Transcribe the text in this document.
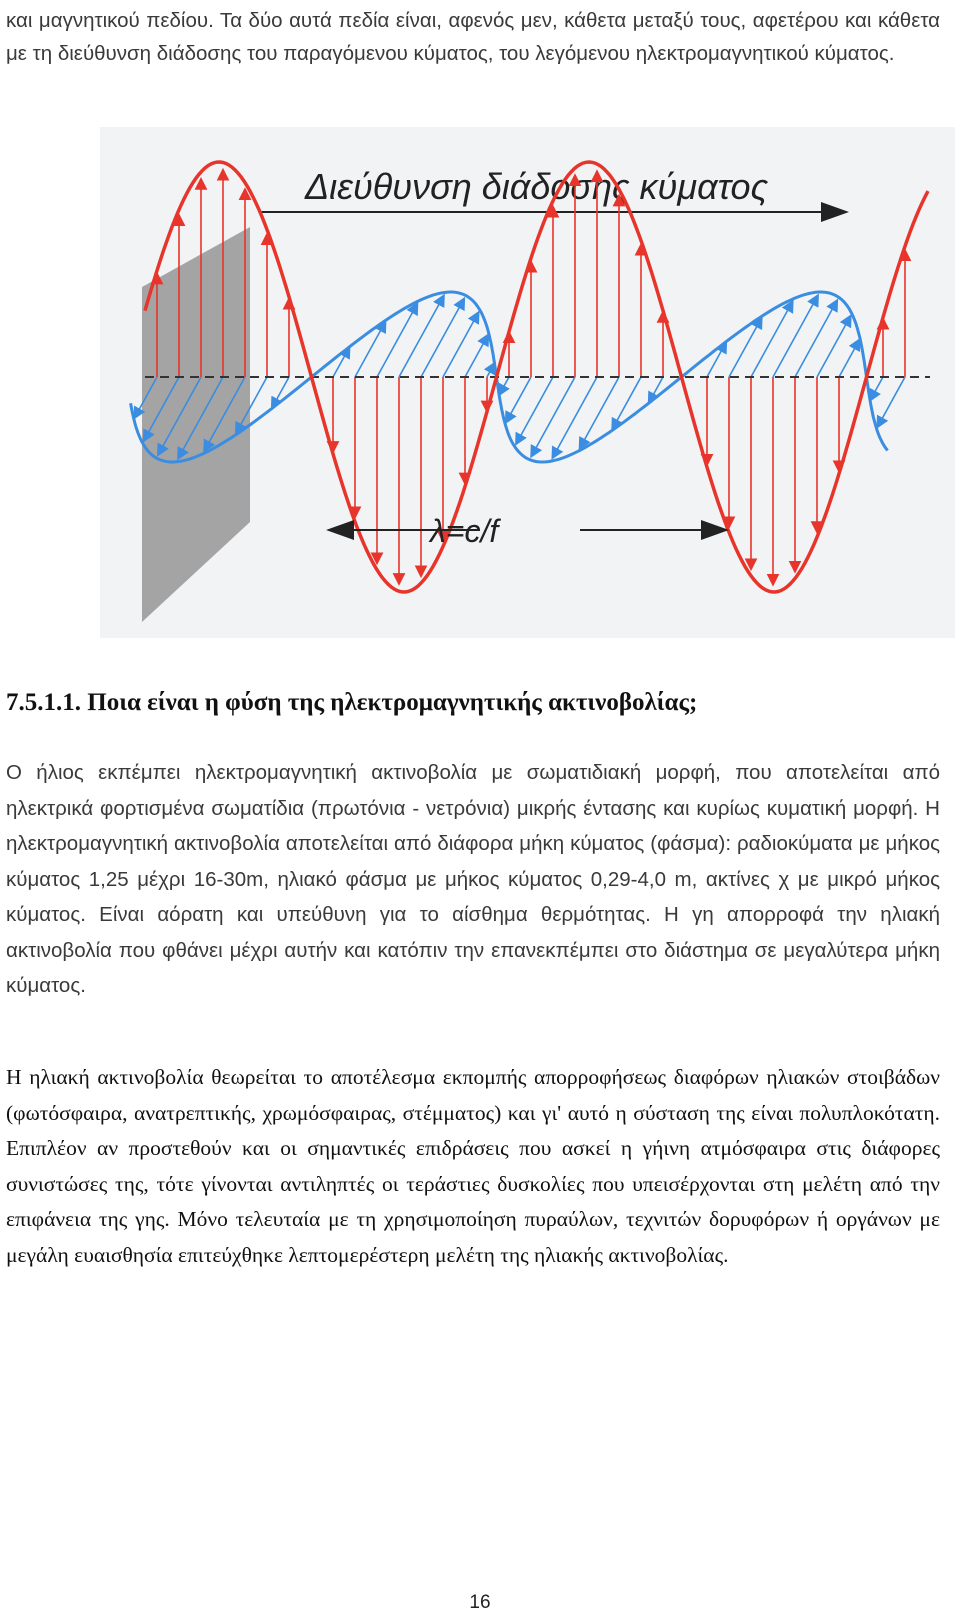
και μαγνητικού πεδίου. Τα δύο αυτά πεδία είναι, αφενός μεν, κάθετα μεταξύ τους, αφετέρου και κάθετα με τη διεύθυνση διάδοσης του παραγόμενου κύματος, του λεγόμενου ηλεκτρομαγνητικού κύματος.

Διεύθυνση διάδοσης κύματος
λ=c/f
7.5.1.1. Ποια είναι η φύση της ηλεκτρομαγνητικής ακτινοβολίας;

Ο ήλιος εκπέμπει ηλεκτρομαγνητική ακτινοβολία με σωματιδιακή μορφή, που αποτελείται από ηλεκτρικά φορτισμένα σωματίδια (πρωτόνια - νετρόνια) μικρής έντασης και κυρίως κυματική μορφή. Η ηλεκτρομαγνητική ακτινοβολία αποτελείται από διάφορα μήκη κύματος (φάσμα): ραδιοκύματα με μήκος κύματος 1,25 μέχρι 16-30m, ηλιακό φάσμα με μήκος κύματος 0,29-4,0 m, ακτίνες χ με μικρό μήκος κύματος. Είναι αόρατη και υπεύθυνη για το αίσθημα θερμότητας. Η γη απορροφά την ηλιακή ακτινοβολία που φθάνει μέχρι αυτήν και κατόπιν την επανεκπέμπει στο διάστημα σε μεγαλύτερα μήκη κύματος.

Η ηλιακή ακτινοβολία θεωρείται το αποτέλεσμα εκπομπής απορροφήσεως διαφόρων ηλιακών στοιβάδων (φωτόσφαιρα, ανατρεπτικής, χρωμόσφαιρας, στέμματος) και γι' αυτό η σύσταση της είναι πολυπλοκότατη. Επιπλέον αν προστεθούν και οι σημαντικές επιδράσεις που ασκεί η γήινη ατμόσφαιρα στις διάφορες συνιστώσες της, τότε γίνονται αντιληπτές οι τεράστιες δυσκολίες που υπεισέρχονται στη μελέτη από την επιφάνεια της γης. Μόνο τελευταία με τη χρησιμοποίηση πυραύλων, τεχνιτών δορυφόρων ή οργάνων με μεγάλη ευαισθησία επιτεύχθηκε λεπτομερέστερη μελέτη της ηλιακής ακτινοβολίας.

16
